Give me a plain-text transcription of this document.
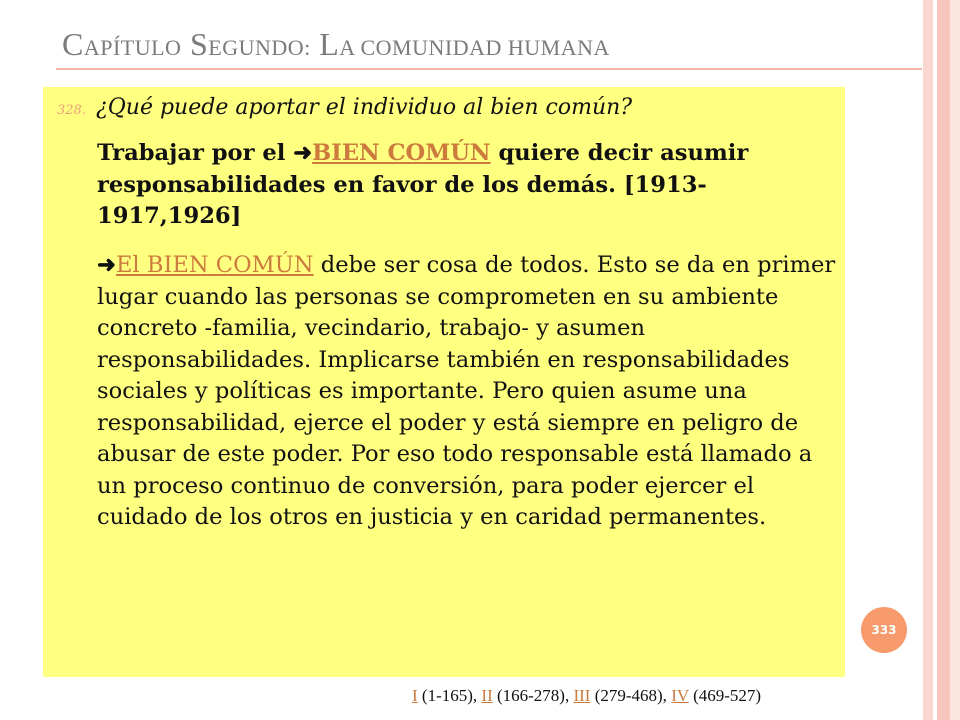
CAPÍTULO SEGUNDO: LA COMUNIDAD HUMANA
328. ¿Qué puede aportar el individuo al bien común?
Trabajar por el ➜BIEN COMÚN quiere decir asumir responsabilidades en favor de los demás. [1913-1917,1926]
➜El BIEN COMÚN debe ser cosa de todos. Esto se da en primer lugar cuando las personas se comprometen en su ambiente concreto -familia, vecindario, trabajo- y asumen responsabilidades. Implicarse también en responsabilidades sociales y políticas es importante. Pero quien asume una responsabilidad, ejerce el poder y está siempre en peligro de abusar de este poder. Por eso todo responsable está llamado a un proceso continuo de conversión, para poder ejercer el cuidado de los otros en justicia y en caridad permanentes.
333
I (1-165), II (166-278), III (279-468), IV (469-527)
